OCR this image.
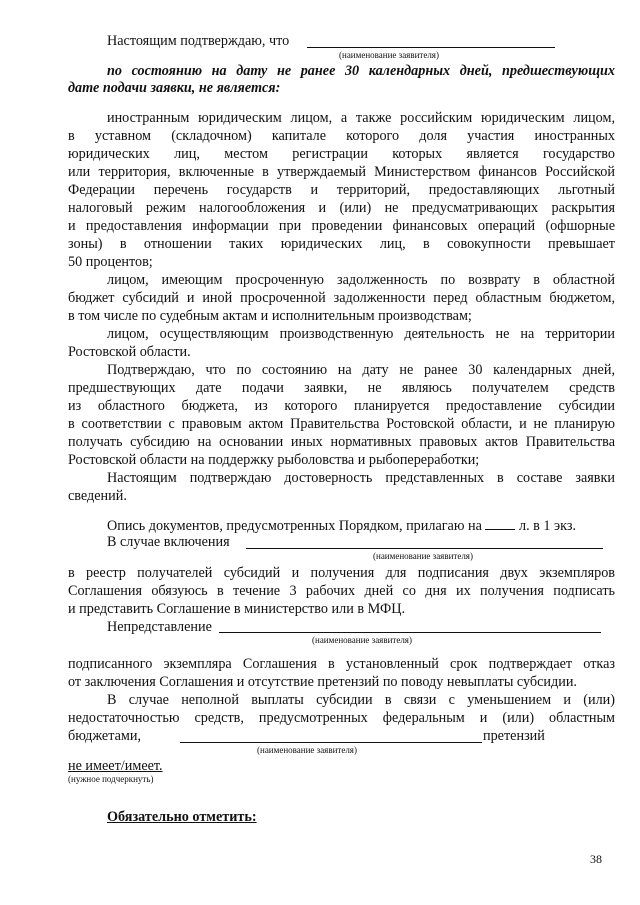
Настоящим подтверждаю, что
(наименование заявителя)
по состоянию на дату не ранее 30 календарных дней, предшествующих
дате подачи заявки, не является:
иностранным юридическим лицом, а также российским юридическим лицом,
в уставном (складочном) капитале которого доля участия иностранных
юридических лиц, местом регистрации которых является государство
или территория, включенные в утверждаемый Министерством финансов Российской
Федерации перечень государств и территорий, предоставляющих льготный
налоговый режим налогообложения и (или) не предусматривающих раскрытия
и предоставления информации при проведении финансовых операций (офшорные
зоны) в отношении таких юридических лиц, в совокупности превышает
50 процентов;
лицом, имеющим просроченную задолженность по возврату в областной
бюджет субсидий и иной просроченной задолженности перед областным бюджетом,
в том числе по судебным актам и исполнительным производствам;
лицом, осуществляющим производственную деятельность не на территории
Ростовской области.
Подтверждаю, что по состоянию на дату не ранее 30 календарных дней,
предшествующих дате подачи заявки, не являюсь получателем средств
из областного бюджета, из которого планируется предоставление субсидии
в соответствии с правовым актом Правительства Ростовской области, и не планирую
получать субсидию на основании иных нормативных правовых актов Правительства
Ростовской области на поддержку рыболовства и рыбопереработки;
Настоящим подтверждаю достоверность представленных в составе заявки
сведений.
Опись документов, предусмотренных Порядком, прилагаю на	л. в 1 экз.
В случае включения
(наименование заявителя)
в реестр получателей субсидий и получения для подписания двух экземпляров
Соглашения обязуюсь в течение 3 рабочих дней со дня их получения подписать
и представить Соглашение в министерство или в МФЦ.
Непредставление
(наименование заявителя)
подписанного экземпляра Соглашения в установленный срок подтверждает отказ
от заключения Соглашения и отсутствие претензий по поводу невыплаты субсидии.
В случае неполной выплаты субсидии в связи с уменьшением и (или)
недостаточностью средств, предусмотренных федеральным и (или) областным
бюджетами,	претензий
(наименование заявителя)
не имеет/имеет.
(нужное подчеркнуть)
Обязательно отметить:
38
